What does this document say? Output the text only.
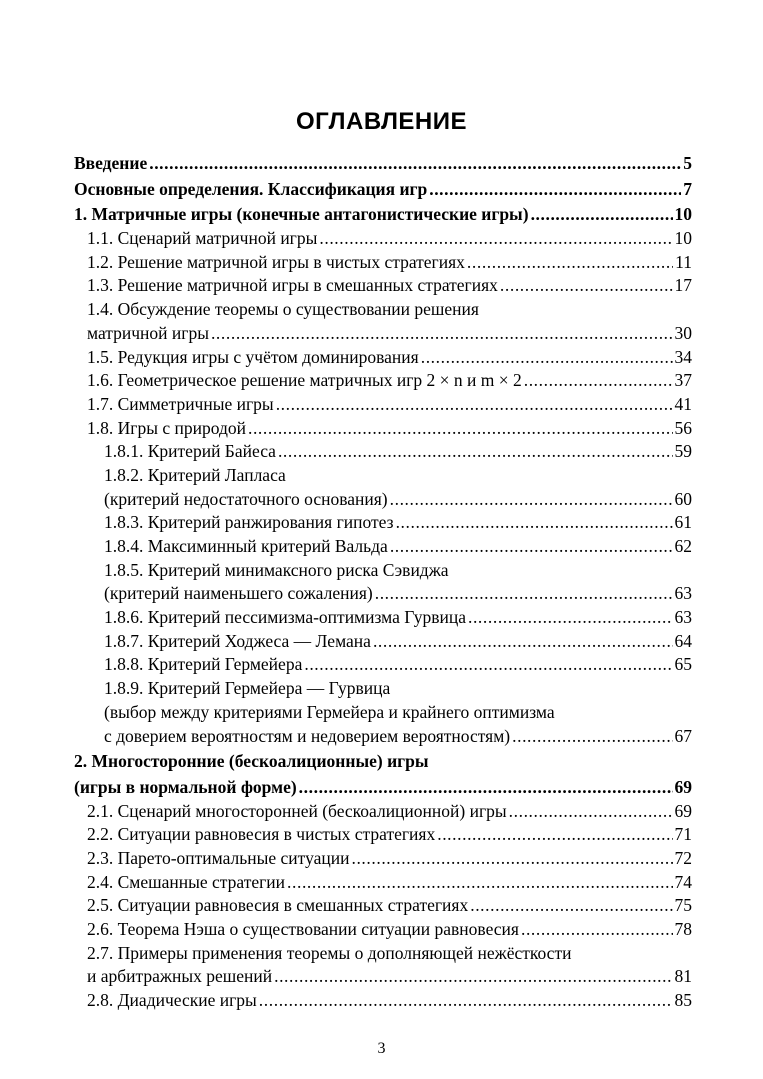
ОГЛАВЛЕНИЕ
Введение .....	5
Основные определения. Классификация игр .....	7
1. Матричные игры (конечные антагонистические игры) .....	10
1.1. Сценарий матричной игры .....	10
1.2. Решение матричной игры в чистых стратегиях .....	11
1.3. Решение матричной игры в смешанных стратегиях .....	17
1.4. Обсуждение теоремы о существовании решения
матричной игры .....	30
1.5. Редукция игры с учётом доминирования .....	34
1.6. Геометрическое решение матричных игр 2 × n и m × 2 .....	37
1.7. Симметричные игры .....	41
1.8. Игры с природой .....	56
1.8.1. Критерий Байеса .....	59
1.8.2. Критерий Лапласа
(критерий недостаточного основания) .....	60
1.8.3. Критерий ранжирования гипотез .....	61
1.8.4. Максиминный критерий Вальда .....	62
1.8.5. Критерий минимаксного риска Сэвиджа
(критерий наименьшего сожаления) .....	63
1.8.6. Критерий пессимизма-оптимизма Гурвица .....	63
1.8.7. Критерий Ходжеса — Лемана .....	64
1.8.8. Критерий Гермейера .....	65
1.8.9. Критерий Гермейера — Гурвица
(выбор между критериями Гермейера и крайнего оптимизма
с доверием вероятностям и недоверием вероятностям) .....	67
2. Многосторонние (бескоалиционные) игры
(игры в нормальной форме) .....	69
2.1. Сценарий многосторонней (бескоалиционной) игры .....	69
2.2. Ситуации равновесия в чистых стратегиях .....	71
2.3. Парето-оптимальные ситуации .....	72
2.4. Смешанные стратегии .....	74
2.5. Ситуации равновесия в смешанных стратегиях .....	75
2.6. Теорема Нэша о существовании ситуации равновесия .....	78
2.7. Примеры применения теоремы о дополняющей нежёсткости
и арбитражных решений .....	81
2.8. Диадические игры .....	85
3
